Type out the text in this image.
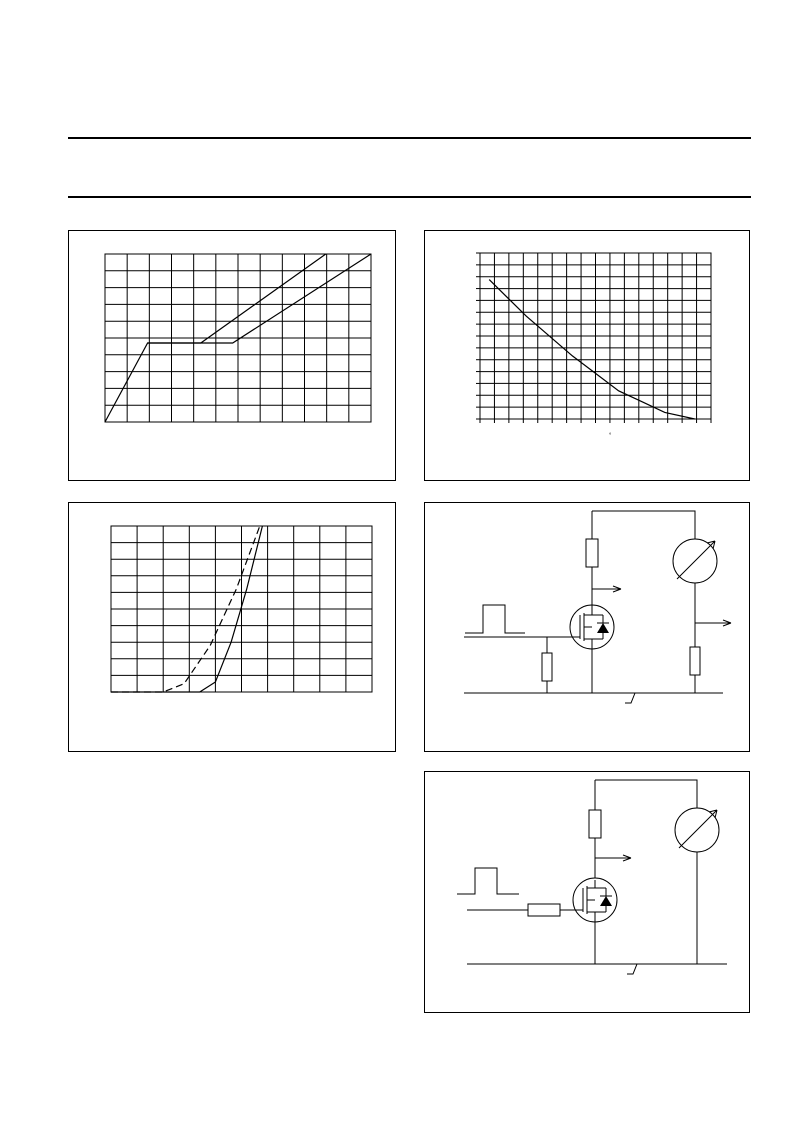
°
